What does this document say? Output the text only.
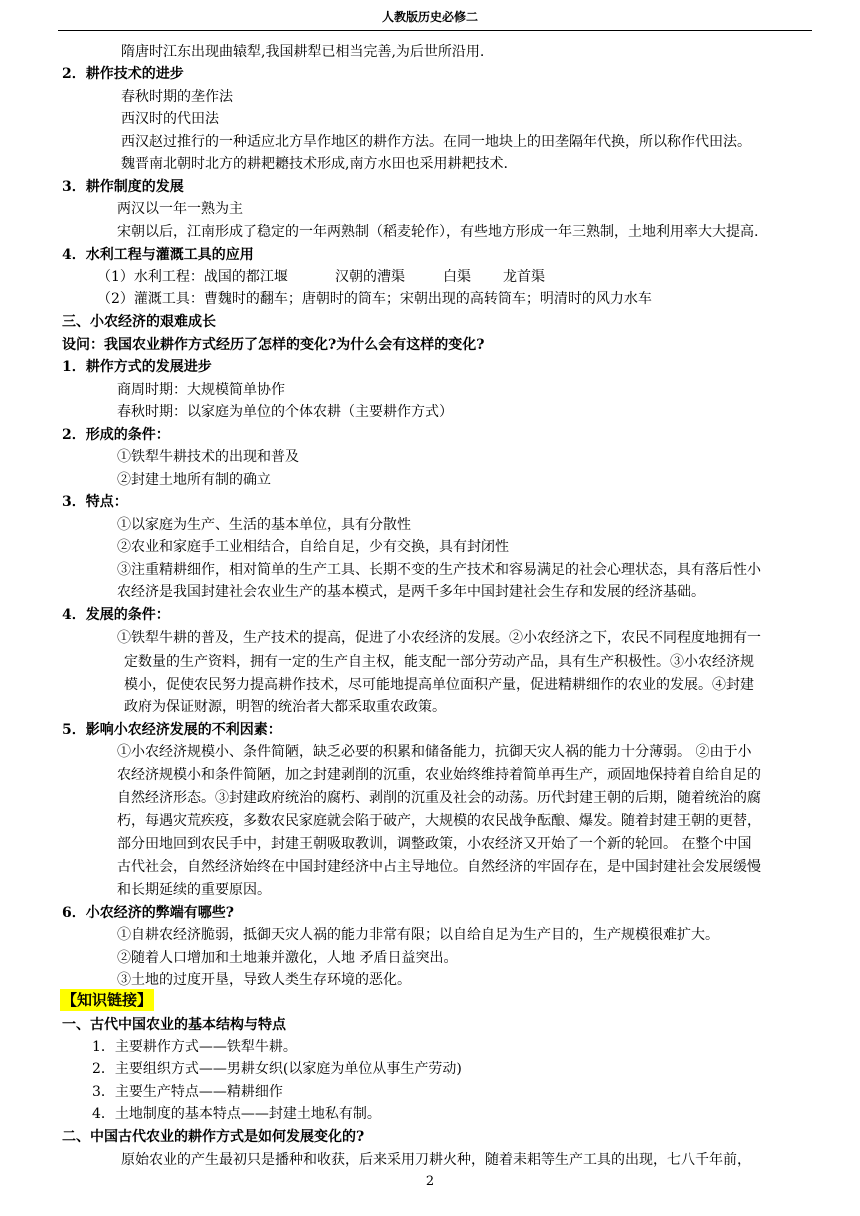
人教版历史必修二
隋唐时江东出现曲辕犁,我国耕犁已相当完善,为后世所沿用.
2．耕作技术的进步
春秋时期的垄作法
西汉时的代田法
西汉赵过推行的一种适应北方旱作地区的耕作方法。在同一地块上的田垄隔年代换，所以称作代田法。
魏晋南北朝时北方的耕耙耱技术形成,南方水田也采用耕耙技术.
3．耕作制度的发展
两汉以一年一熟为主
宋朝以后，江南形成了稳定的一年两熟制（稻麦轮作），有些地方形成一年三熟制，土地利用率大大提高.
4．水利工程与灌溉工具的应用
（1）水利工程：战国的都江堰	汉朝的漕渠	白渠 龙首渠
（2）灌溉工具：曹魏时的翻车；唐朝时的筒车；宋朝出现的高转筒车；明清时的风力水车
三、小农经济的艰难成长
设问：我国农业耕作方式经历了怎样的变化?为什么会有这样的变化?
1．耕作方式的发展进步
商周时期：大规模简单协作
春秋时期：以家庭为单位的个体农耕（主要耕作方式）
2．形成的条件：
①铁犁牛耕技术的出现和普及
②封建土地所有制的确立
3．特点：
①以家庭为生产、生活的基本单位，具有分散性
②农业和家庭手工业相结合，自给自足，少有交换，具有封闭性
③注重精耕细作，相对简单的生产工具、长期不变的生产技术和容易满足的社会心理状态，具有落后性小
农经济是我国封建社会农业生产的基本模式，是两千多年中国封建社会生存和发展的经济基础。
4．发展的条件：
①铁犁牛耕的普及，生产技术的提高，促进了小农经济的发展。②小农经济之下，农民不同程度地拥有一
定数量的生产资料，拥有一定的生产自主权，能支配一部分劳动产品，具有生产积极性。③小农经济规
模小，促使农民努力提高耕作技术，尽可能地提高单位面积产量，促进精耕细作的农业的发展。④封建
政府为保证财源，明智的统治者大都采取重农政策。
5．影响小农经济发展的不利因素：
①小农经济规模小、条件简陋，缺乏必要的积累和储备能力，抗御天灾人祸的能力十分薄弱。 ②由于小
农经济规模小和条件简陋，加之封建剥削的沉重，农业始终维持着简单再生产，顽固地保持着自给自足的
自然经济形态。③封建政府统治的腐朽、剥削的沉重及社会的动荡。历代封建王朝的后期，随着统治的腐
朽，每遇灾荒疾疫，多数农民家庭就会陷于破产，大规模的农民战争酝酿、爆发。随着封建王朝的更替，
部分田地回到农民手中，封建王朝吸取教训，调整政策，小农经济又开始了一个新的轮回。 在整个中国
古代社会，自然经济始终在中国封建经济中占主导地位。自然经济的牢固存在，是中国封建社会发展缓慢
和长期延续的重要原因。
6．小农经济的弊端有哪些?
①自耕农经济脆弱，抵御天灾人祸的能力非常有限；以自给自足为生产目的，生产规模很难扩大。
②随着人口增加和土地兼并激化，人地 矛盾日益突出。
③土地的过度开垦，导致人类生存环境的恶化。
【知识链接】
一、古代中国农业的基本结构与特点
1．主要耕作方式——铁犁牛耕。
2．主要组织方式——男耕女织(以家庭为单位从事生产劳动)
3．主要生产特点——精耕细作
4．土地制度的基本特点——封建土地私有制。
二、中国古代农业的耕作方式是如何发展变化的?
原始农业的产生最初只是播种和收获，后来采用刀耕火种，随着耒耜等生产工具的出现，七八千年前，
2
